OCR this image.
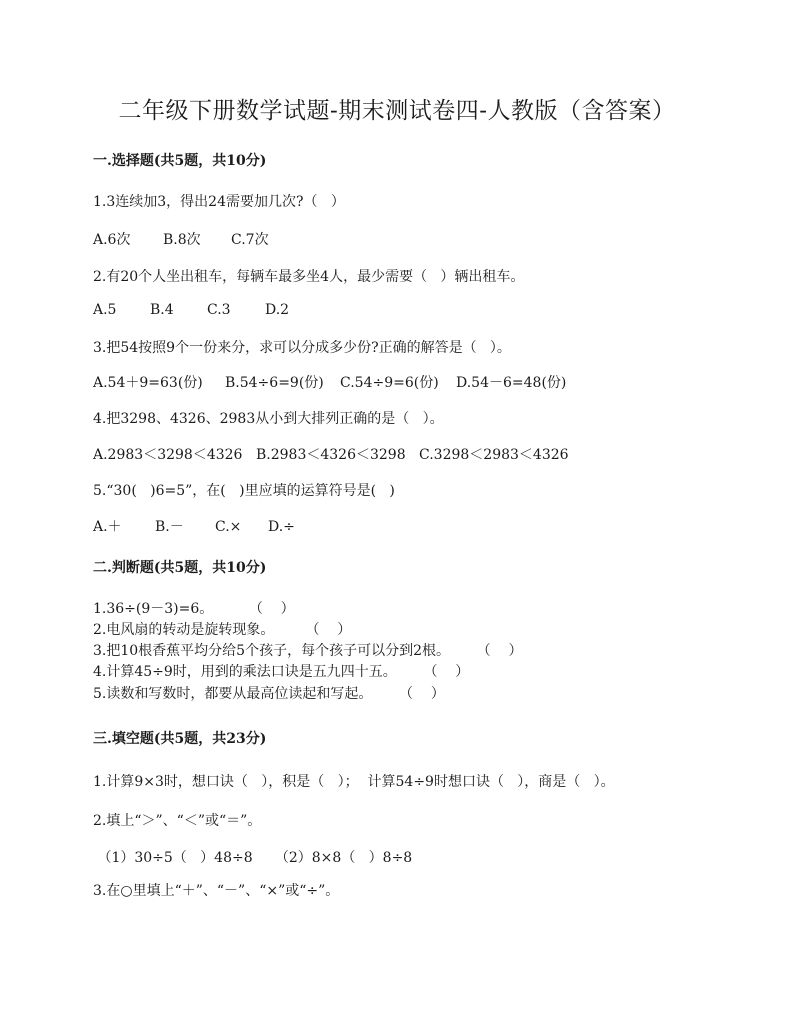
二年级下册数学试题-期末测试卷四-人教版（含答案）
一.选择题(共5题，共10分)
1.3连续加3，得出24需要加几次?（   ）
A.6次 B.8次 C.7次
2.有20个人坐出租车，每辆车最多坐4人，最少需要（   ）辆出租车。
A.5 B.4 C.3 D.2
3.把54按照9个一份来分，求可以分成多少份?正确的解答是（   ）。
A.54＋9=63(份) B.54÷6=9(份) C.54÷9=6(份) D.54－6=48(份)
4.把3298、4326、2983从小到大排列正确的是（   ）。
A.2983＜3298＜4326 B.2983＜4326＜3298 C.3298＜2983＜4326
5.“30(   )6=5”，在(   )里应填的运算符号是(   )
A.＋ B.－ C.× D.÷
二.判断题(共5题，共10分)
1.36÷(9－3)=6。        （    ）
2.电风扇的转动是旋转现象。       （    ）
3.把10根香蕉平均分给5个孩子，每个孩子可以分到2根。      （    ）
4.计算45÷9时，用到的乘法口诀是五九四十五。      （    ）
5.读数和写数时，都要从最高位读起和写起。      （    ）
三.填空题(共5题，共23分)
1.计算9×3时，想口诀（   ），积是（   ）；  计算54÷9时想口诀（   ），商是（   ）。
2.填上“＞”、“＜”或“＝”。
（1）30÷5（   ）48÷8     （2）8×8（   ）8÷8
3.在○里填上“＋”、“－”、“×”或“÷”。
